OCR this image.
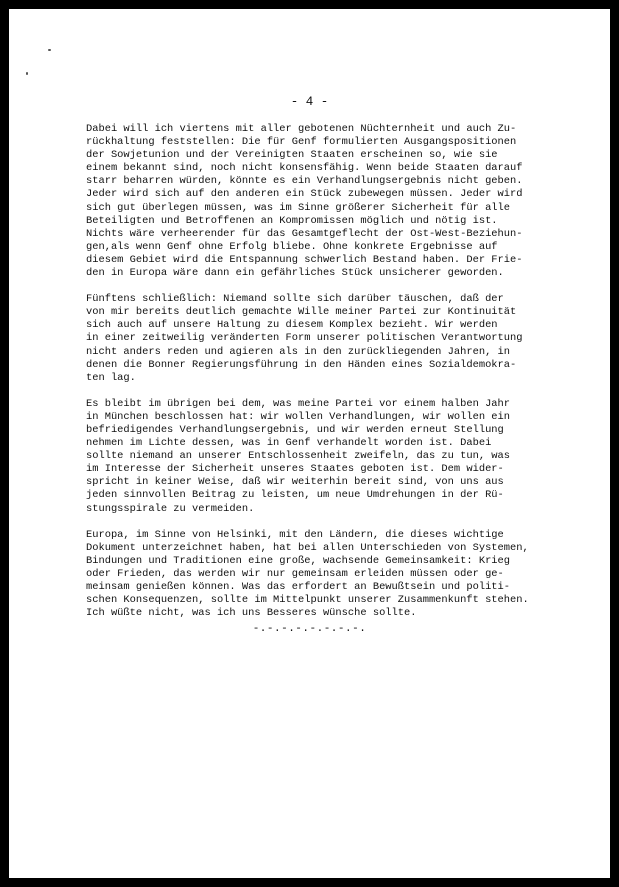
- 4 -
Dabei will ich viertens mit aller gebotenen Nüchternheit und auch Zu-
rückhaltung feststellen: Die für Genf formulierten Ausgangspositionen
der Sowjetunion und der Vereinigten Staaten erscheinen so, wie sie
einem bekannt sind, noch nicht konsensfähig. Wenn beide Staaten darauf
starr beharren würden, könnte es ein Verhandlungsergebnis nicht geben.
Jeder wird sich auf den anderen ein Stück zubewegen müssen. Jeder wird
sich gut überlegen müssen, was im Sinne größerer Sicherheit für alle
Beteiligten und Betroffenen an Kompromissen möglich und nötig ist.
Nichts wäre verheerender für das Gesamtgeflecht der Ost-West-Beziehun-
gen,als wenn Genf ohne Erfolg bliebe. Ohne konkrete Ergebnisse auf
diesem Gebiet wird die Entspannung schwerlich Bestand haben. Der Frie-
den in Europa wäre dann ein gefährliches Stück unsicherer geworden.
Fünftens schließlich: Niemand sollte sich darüber täuschen, daß der
von mir bereits deutlich gemachte Wille meiner Partei zur Kontinuität
sich auch auf unsere Haltung zu diesem Komplex bezieht. Wir werden
in einer zeitweilig veränderten Form unserer politischen Verantwortung
nicht anders reden und agieren als in den zurückliegenden Jahren, in
denen die Bonner Regierungsführung in den Händen eines Sozialdemokra-
ten lag.
Es bleibt im übrigen bei dem, was meine Partei vor einem halben Jahr
in München beschlossen hat: wir wollen Verhandlungen, wir wollen ein
befriedigendes Verhandlungsergebnis, und wir werden erneut Stellung
nehmen im Lichte dessen, was in Genf verhandelt worden ist. Dabei
sollte niemand an unserer Entschlossenheit zweifeln, das zu tun, was
im Interesse der Sicherheit unseres Staates geboten ist. Dem wider-
spricht in keiner Weise, daß wir weiterhin bereit sind, von uns aus
jeden sinnvollen Beitrag zu leisten, um neue Umdrehungen in der Rü-
stungsspirale zu vermeiden.
Europa, im Sinne von Helsinki, mit den Ländern, die dieses wichtige
Dokument unterzeichnet haben, hat bei allen Unterschieden von Systemen,
Bindungen und Traditionen eine große, wachsende Gemeinsamkeit: Krieg
oder Frieden, das werden wir nur gemeinsam erleiden müssen oder ge-
meinsam genießen können. Was das erfordert an Bewußtsein und politi-
schen Konsequenzen, sollte im Mittelpunkt unserer Zusammenkunft stehen.
Ich wüßte nicht, was ich uns Besseres wünsche sollte.
-.-.-.-.-.-.-.-.
